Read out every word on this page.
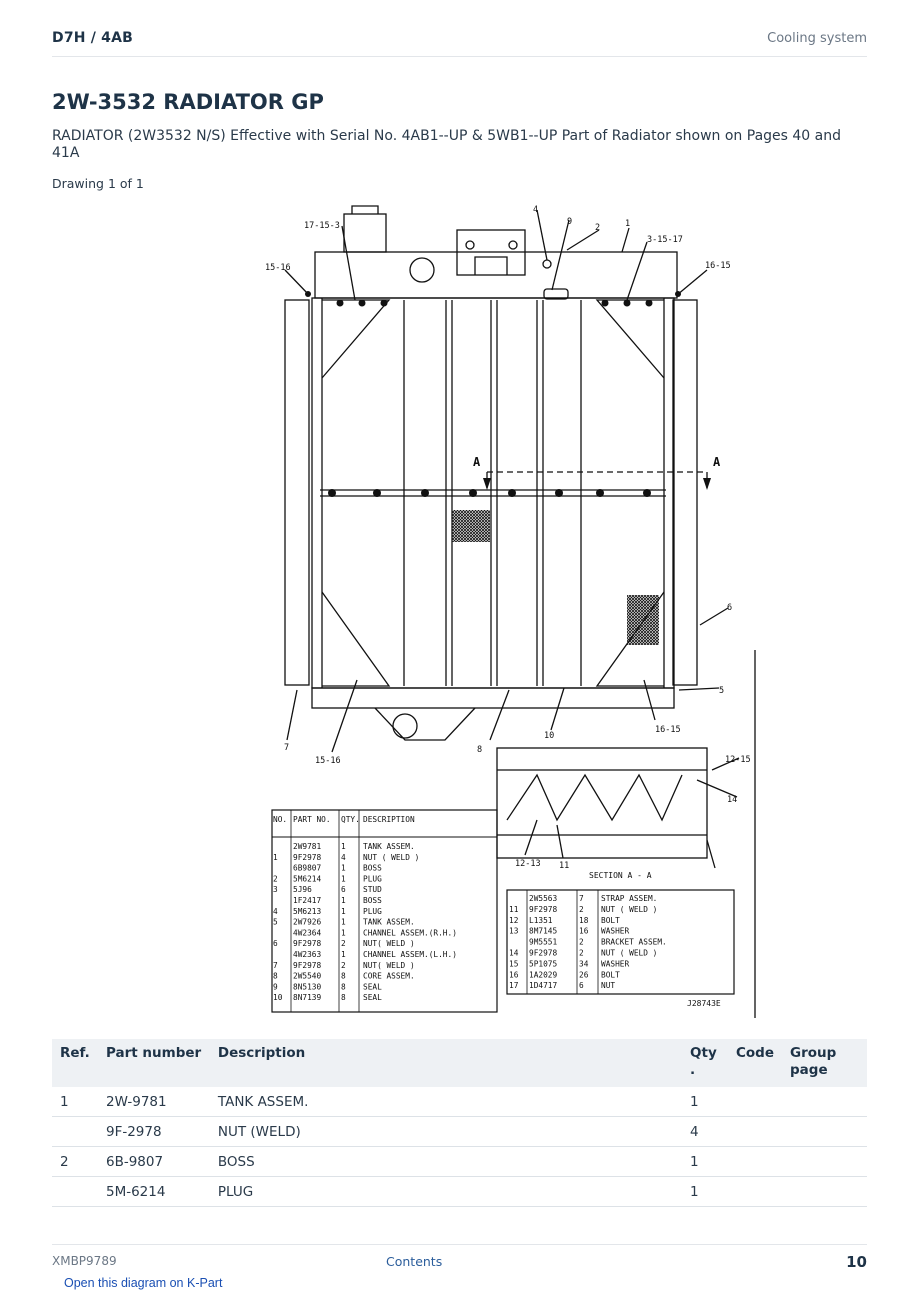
D7H / 4AB	Cooling system
2W-3532 RADIATOR GP
RADIATOR (2W3532 N/S) Effective with Serial No. 4AB1--UP & 5WB1--UP Part of Radiator shown on Pages 40 and 41A
Drawing 1 of 1
4
9
2	1
17-15-3
3-15-17
15-16	16-15
A	A
6
5
7
15-16
8
10
16-15
12-15
14
12-13 11
SECTION A - A
J28743E
NO. PART NO. QTY. DESCRIPTION
2W9781	1 TANK ASSEM.
1 9F2978	4 NUT ( WELD )
6B9807	1 BOSS
2 5M6214	1 PLUG
3 5J96	6 STUD
1F2417	1 BOSS
4 5M6213	1 PLUG
5 2W7926	1 TANK ASSEM.
4W2364	1 CHANNEL ASSEM.(R.H.)
6 9F2978	2 NUT( WELD )
4W2363	1 CHANNEL ASSEM.(L.H.)
7 9F2978	2 NUT( WELD )
8 2W5540	8 CORE ASSEM.
9 8N5130	8 SEAL
10 8N7139	8 SEAL
2W5563	7 STRAP ASSEM.
11 9F2978	2 NUT ( WELD )
12 L1351	18 BOLT
13 8M7145	16 WASHER
9M5551	2 BRACKET ASSEM.
14 9F2978	2 NUT ( WELD )
15 5P1075	34 WASHER
16 1A2029	26 BOLT
17 1D4717	6 NUT
Ref.	Part number	Description	Qty .	Code	Group page
1	2W-9781	TANK ASSEM.	1		
	9F-2978	NUT (WELD)	4		
2	6B-9807	BOSS	1		
	5M-6214	PLUG	1		
XMBP9789	Contents	10
Open this diagram on K-Part
